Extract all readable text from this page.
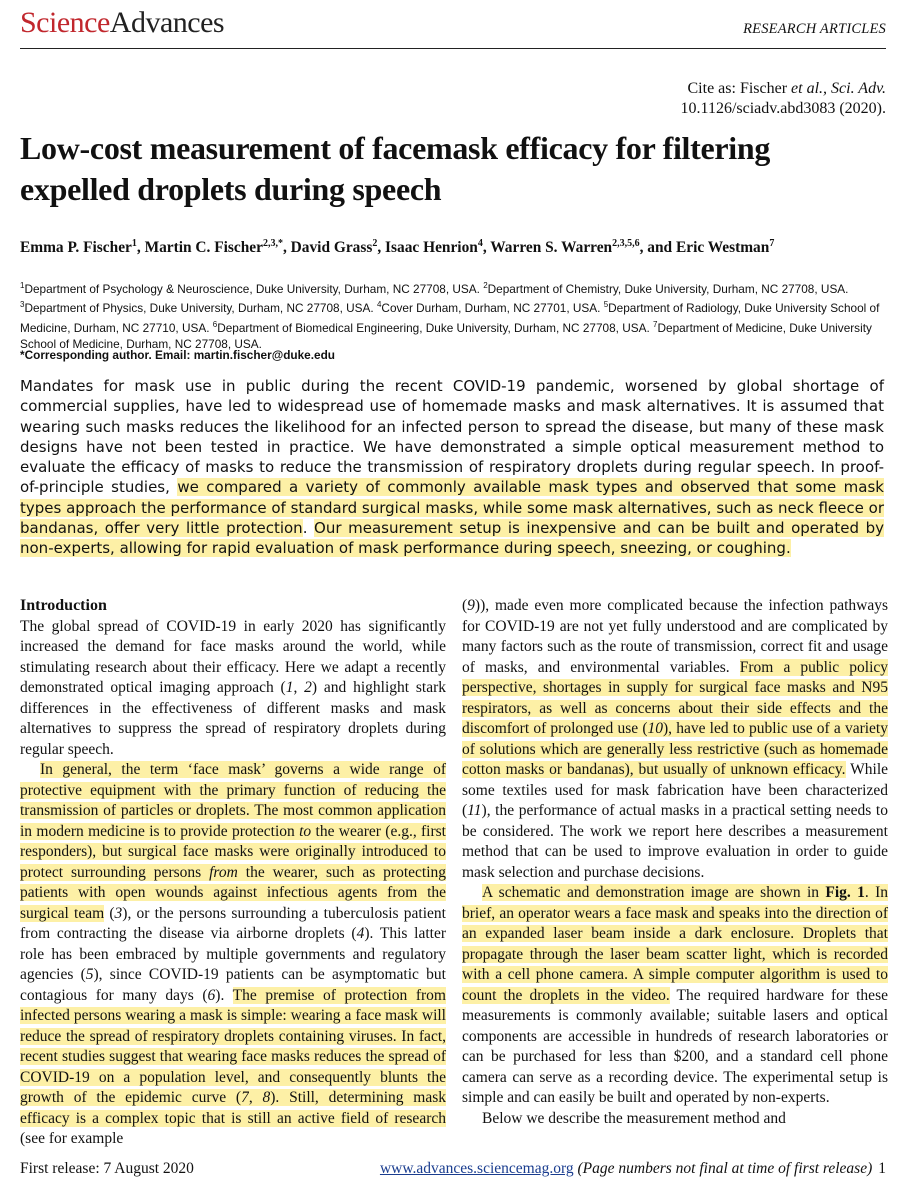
ScienceAdvances	RESEARCH ARTICLES
Cite as: Fischer et al., Sci. Adv.
10.1126/sciadv.abd3083 (2020).
Low-cost measurement of facemask efficacy for filtering expelled droplets during speech
Emma P. Fischer$^1$, Martin C. Fischer$^{2,3,*}$, David Grass$^2$, Isaac Henrion$^4$, Warren S. Warren$^{2,3,5,6}$, and Eric Westman$^7$
$^1$Department of Psychology & Neuroscience, Duke University, Durham, NC 27708, USA. $^2$Department of Chemistry, Duke University, Durham, NC 27708, USA. $^3$Department of Physics, Duke University, Durham, NC 27708, USA. $^4$Cover Durham, Durham, NC 27701, USA. $^5$Department of Radiology, Duke University School of Medicine, Durham, NC 27710, USA. $^6$Department of Biomedical Engineering, Duke University, Durham, NC 27708, USA. $^7$Department of Medicine, Duke University School of Medicine, Durham, NC 27708, USA.
*Corresponding author. Email: martin.fischer@duke.edu

Mandates for mask use in public during the recent COVID-19 pandemic, worsened by global shortage of commercial supplies, have led to widespread use of homemade masks and mask alternatives. It is assumed that wearing such masks reduces the likelihood for an infected person to spread the disease, but many of these mask designs have not been tested in practice. We have demonstrated a simple optical measurement method to evaluate the efficacy of masks to reduce the transmission of respiratory droplets during regular speech. In proof-of-principle studies, we compared a variety of commonly available mask types and observed that some mask types approach the performance of standard surgical masks, while some mask alternatives, such as neck fleece or bandanas, offer very little protection. Our measurement setup is inexpensive and can be built and operated by non-experts, allowing for rapid evaluation of mask performance during speech, sneezing, or coughing.

Introduction

The global spread of COVID-19 in early 2020 has significantly increased the demand for face masks around the world, while stimulating research about their efficacy. Here we adapt a recently demonstrated optical imaging approach (1, 2) and highlight stark differences in the effectiveness of different masks and mask alternatives to suppress the spread of respiratory droplets during regular speech.

In general, the term ‘face mask’ governs a wide range of protective equipment with the primary function of reducing the transmission of particles or droplets. The most common application in modern medicine is to provide protection to the wearer (e.g., first responders), but surgical face masks were originally introduced to protect surrounding persons from the wearer, such as protecting patients with open wounds against infectious agents from the surgical team (3), or the persons surrounding a tuberculosis patient from contracting the disease via airborne droplets (4). This latter role has been embraced by multiple governments and regulatory agencies (5), since COVID-19 patients can be asymptomatic but contagious for many days (6). The premise of protection from infected persons wearing a mask is simple: wearing a face mask will reduce the spread of respiratory droplets containing viruses. In fact, recent studies suggest that wearing face masks reduces the spread of COVID-19 on a population level, and consequently blunts the growth of the epidemic curve (7, 8). Still, determining mask efficacy is a complex topic that is still an active field of research (see for example

(9)), made even more complicated because the infection pathways for COVID-19 are not yet fully understood and are complicated by many factors such as the route of transmission, correct fit and usage of masks, and environmental variables. From a public policy perspective, shortages in supply for surgical face masks and N95 respirators, as well as concerns about their side effects and the discomfort of prolonged use (10), have led to public use of a variety of solutions which are generally less restrictive (such as homemade cotton masks or bandanas), but usually of unknown efficacy. While some textiles used for mask fabrication have been characterized (11), the performance of actual masks in a practical setting needs to be considered. The work we report here describes a measurement method that can be used to improve evaluation in order to guide mask selection and purchase decisions.

A schematic and demonstration image are shown in Fig. 1. In brief, an operator wears a face mask and speaks into the direction of an expanded laser beam inside a dark enclosure. Droplets that propagate through the laser beam scatter light, which is recorded with a cell phone camera. A simple computer algorithm is used to count the droplets in the video. The required hardware for these measurements is commonly available; suitable lasers and optical components are accessible in hundreds of research laboratories or can be purchased for less than $200, and a standard cell phone camera can serve as a recording device. The experimental setup is simple and can easily be built and operated by non-experts.

Below we describe the measurement method and

First release: 7 August 2020	www.advances.sciencemag.org (Page numbers not final at time of first release) 1
